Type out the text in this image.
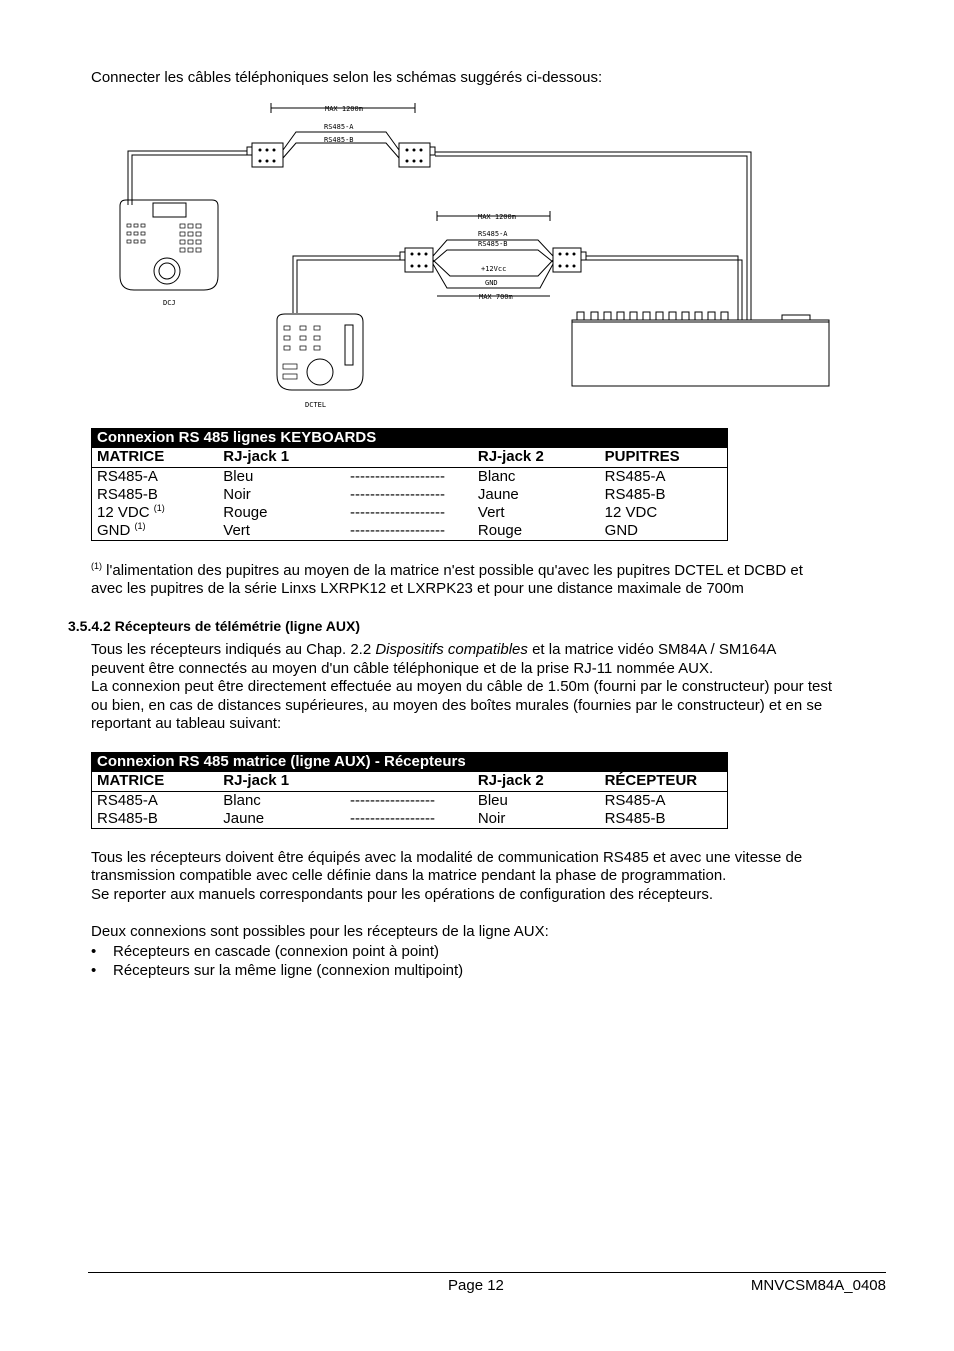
Connecter les câbles téléphoniques selon les schémas suggérés ci-dessous:
MAX 1200m
RS485-A
RS485-B
MAX 1200m
RS485-A
RS485-B
+12Vcc
GND
MAX 700m
DCJ
DCTEL
Connexion RS 485 lignes KEYBOARDS				
MATRICE	RJ-jack 1		RJ-jack 2	PUPITRES
RS485-A	Bleu	-------------------	Blanc	RS485-A
RS485-B	Noir	-------------------	Jaune	RS485-B
12 VDC $^{(1)}$	Rouge	-------------------	Vert	12 VDC
GND $^{(1)}$	Vert	-------------------	Rouge	GND
$^{(1)}$ l'alimentation des pupitres au moyen de la matrice n'est possible qu'avec les pupitres DCTEL et DCBD et
avec les pupitres de la série Linxs LXRPK12 et LXRPK23 et pour une distance maximale de 700m
3.5.4.2 Récepteurs de télémétrie (ligne AUX)
Tous les récepteurs indiqués au Chap. 2.2 Dispositifs compatibles et la matrice vidéo SM84A / SM164A
peuvent être connectés au moyen d'un câble téléphonique et de la prise RJ-11 nommée AUX.
La connexion peut être directement effectuée au moyen du câble de 1.50m (fourni par le constructeur) pour test
ou bien, en cas de distances supérieures, au moyen des boîtes murales (fournies par le constructeur) et en se
reportant au tableau suivant:
Connexion RS 485 matrice (ligne AUX) - Récepteurs				
MATRICE	RJ-jack 1		RJ-jack 2	RÉCEPTEUR
RS485-A	Blanc	-----------------	Bleu	RS485-A
RS485-B	Jaune	-----------------	Noir	RS485-B
Tous les récepteurs doivent être équipés avec la modalité de communication RS485 et avec une vitesse de
transmission compatible avec celle définie dans la matrice pendant la phase de programmation.
Se reporter aux manuels correspondants pour les opérations de configuration des récepteurs.
Deux connexions sont possibles pour les récepteurs de la ligne AUX:
• Récepteurs en cascade (connexion point à point)
• Récepteurs sur la même ligne (connexion multipoint)
Page 12	MNVCSM84A_0408
